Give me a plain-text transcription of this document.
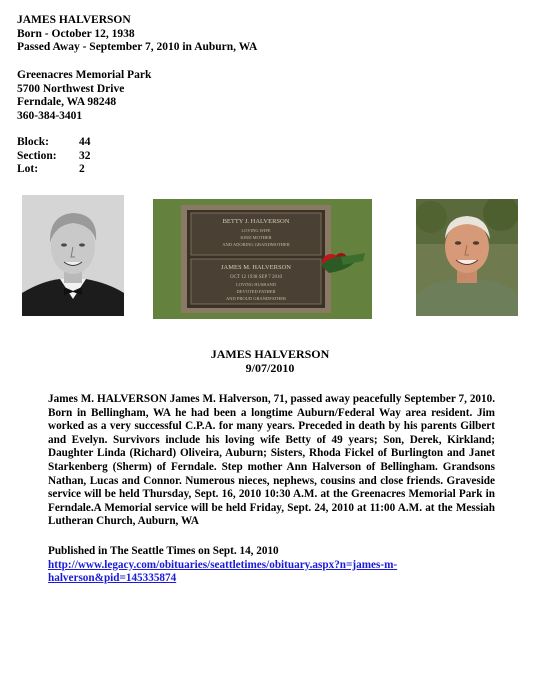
JAMES HALVERSON
Born - October 12, 1938
Passed Away - September 7, 2010 in Auburn, WA
Greenacres Memorial Park
5700 Northwest Drive
Ferndale, WA 98248
360-384-3401
Block:	44
Section:	32
Lot:	2
BETTY J. HALVERSON
LOVING WIFE
KIND MOTHER
AND ADORING GRANDMOTHER
JAMES M. HALVERSON
OCT 12 1938 SEP 7 2010
LOVING HUSBAND
DEVOTED FATHER
AND PROUD GRANDFATHER
JAMES HALVERSON
9/07/2010
James M. HALVERSON James M. Halverson, 71, passed away peacefully September 7, 2010. Born in Bellingham, WA he had been a longtime Auburn/Federal Way area resident. Jim worked as a very successful C.P.A. for many years. Preceded in death by his parents Gilbert and Evelyn. Survivors include his loving wife Betty of 49 years; Son, Derek, Kirkland; Daughter Linda (Richard) Oliveira, Auburn; Sisters, Rhoda Fickel of Burlington and Janet Starkenberg (Sherm) of Ferndale. Step mother Ann Halverson of Bellingham. Grandsons Nathan, Lucas and Connor. Numerous nieces, nephews, cousins and close friends. Graveside service will be held Thursday, Sept. 16, 2010 10:30 A.M. at the Greenacres Memorial Park in Ferndale.A Memorial service will be held Friday, Sept. 24, 2010 at 11:00 A.M. at the Messiah Lutheran Church, Auburn, WA
Published in The Seattle Times on Sept. 14, 2010
http://www.legacy.com/obituaries/seattletimes/obituary.aspx?n=james-m-
halverson&pid=145335874
